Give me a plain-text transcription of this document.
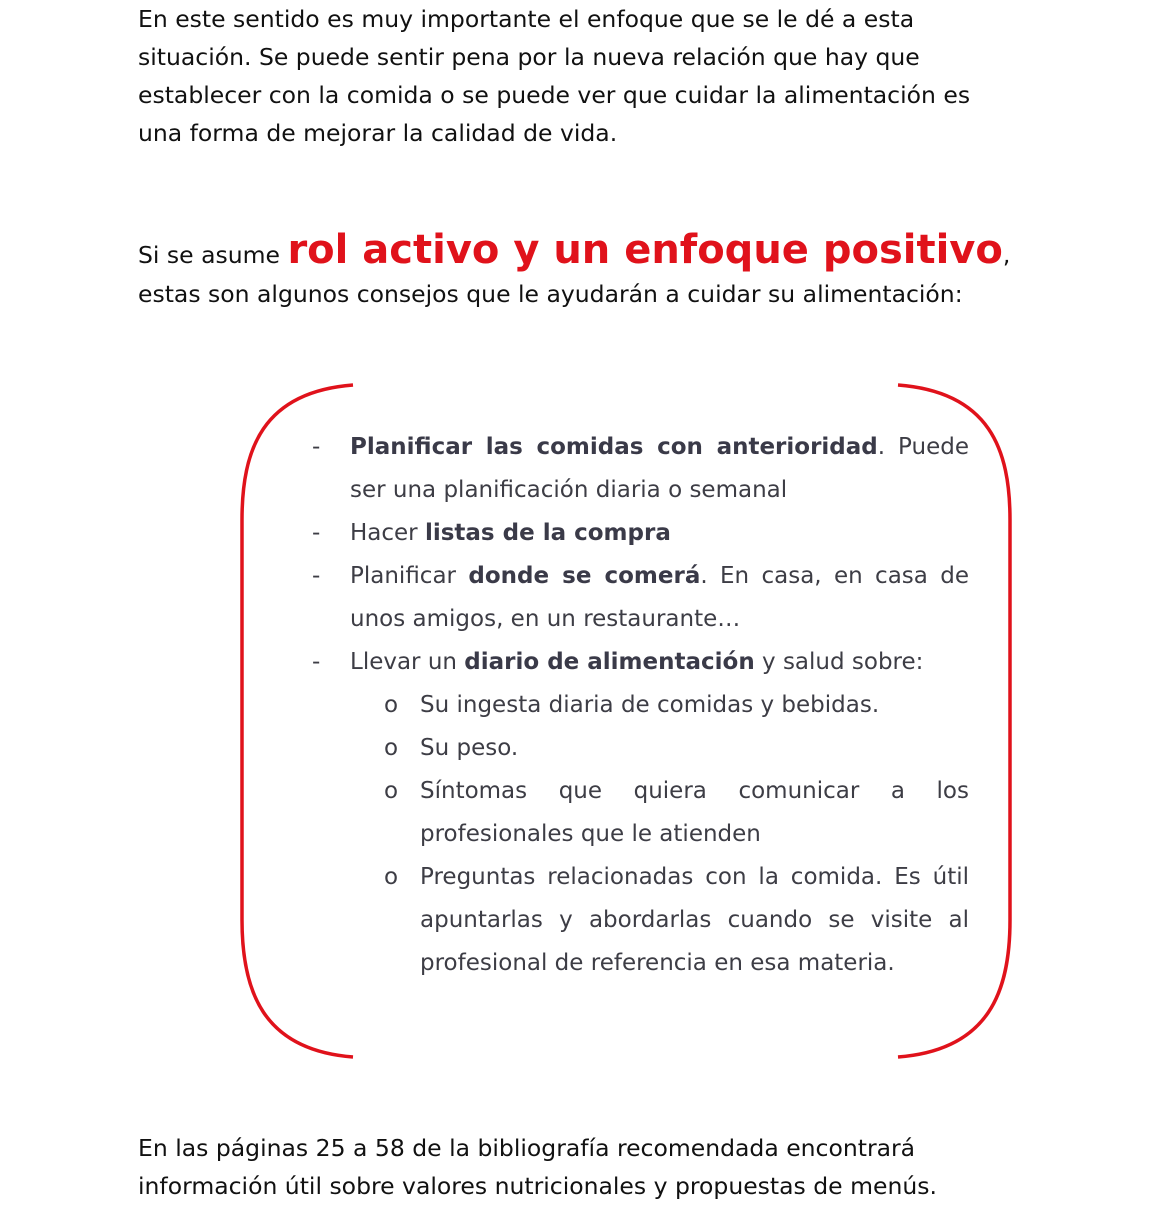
En este sentido es muy importante el enfoque que se le dé a esta
situación. Se puede sentir pena por la nueva relación que hay que
establecer con la comida o se puede ver que cuidar la alimentación es
una forma de mejorar la calidad de vida.
Si se asume rol activo y un enfoque positivo,
estas son algunos consejos que le ayudarán a cuidar su alimentación:
- Planificar las comidas con anterioridad. Puede ser una planificación diaria o semanal
- Hacer listas de la compra
- Planificar donde se comerá. En casa, en casa de unos amigos, en un restaurante…
- Llevar un diario de alimentación y salud sobre:
o Su ingesta diaria de comidas y bebidas.
o Su peso.
o Síntomas que quiera comunicar a los profesionales que le atienden
o Preguntas relacionadas con la comida. Es útil apuntarlas y abordarlas cuando se visite al profesional de referencia en esa materia.
En las páginas 25 a 58 de la bibliografía recomendada encontrará
información útil sobre valores nutricionales y propuestas de menús.
